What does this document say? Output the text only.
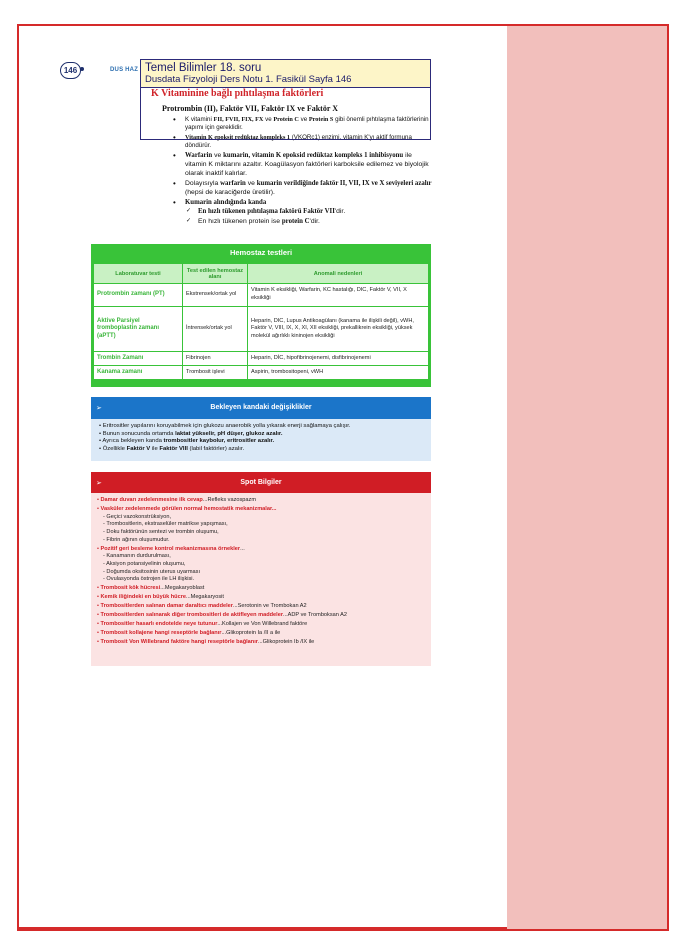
146	DUS HAZ
K Vitaminine bağlı pıhtılaşma faktörleri
Protrombin (II), Faktör VII, Faktör IX ve Faktör X
• K vitamini FII, FVII, FIX, FX ve Protein C ve Protein S gibi önemli pıhtılaşma faktörlerinin yapımı için gereklidir.
• Vitamin K epoksit redüktaz kompleks 1 (VKORc1) enzimi, vitamin K'yı aktif formuna döndürür.
• Warfarin ve kumarin, vitamin K epoksid redüktaz kompleks 1 inhibisyonu ile vitamin K miktarını azaltır. Koagülasyon faktörleri karboksile edilemez ve biyolojik olarak inaktif kalırlar.
• Dolayısıyla warfarin ve kumarin verildiğinde faktör II, VII, IX ve X seviyeleri azalır (hepsi de karaciğerde üretilir).
• Kumarin alındığında kanda
✓ En hızlı tükenen pıhtılaşma faktörü Faktör VII'dir.
✓ En hızlı tükenen protein ise protein C'dir.
Temel Bilimler 18. soru
Dusdata Fizyoloji Ders Notu 1. Fasikül Sayfa 146
Hemostaz testleri
Laboratuvar testi	Test edilen hemostaz alanı	Anomali nedenleri
Protrombin zamanı (PT)	Ekstrensek/ortak yol	Vitamin K eksikliği, Warfarin, KC hastalığı, DIC, Faktör V, VII, X eksikliği
Aktive Parsiyel tromboplastin zamanı (aPTT)	İntrensek/ortak yol	Heparin, DIC, Lupus Antikoagülanı (kanama ile ilişkili değil), vWH, Faktör V, VIII, IX, X, XI, XII eksikliği, prekallikrein eksikliği, yüksek molekül ağırlıklı kininojen eksikliği
Trombin Zamanı	Fibrinojen	Heparin, DİC, hipofibrinojenemi, disfibrinojenemi
Kanama zamanı	Trombosit işlevi	Aspirin, trombositopeni, vWH
➢	Bekleyen kandaki değişiklikler
• Eritrositler yapılarını koruyabilmek için glukozu anaerobik yolla yıkarak enerji sağlamaya çalışır.
• Bunun sonucunda ortamda laktat yükselir, pH düşer, glukoz azalır.
• Ayrıca bekleyen kanda trombositler kaybolur, eritrositler azalır.
• Özellikle Faktör V ile Faktör VIII (labil faktörler) azalır.
➢	Spot Bilgiler
• Damar duvarı zedelenmesine ilk cevap...Refleks vazospazm
• Vasküler zedelenmede görülen normal hemostatik mekanizmalar...
- Geçici vazokonstrüksiyon,
- Trombositlerin, ekstraselüler matrikse yapışması,
- Doku faktörünün sentezi ve trombin oluşumu,
- Fibrin ağının oluşumudur.
• Pozitif geri besleme kontrol mekanizmasına örnekler...
- Kanamanın durdurulması,
- Aksiyon potansiyelinin oluşumu,
- Doğumda oksitosinin uterus uyarması
- Ovulasyonda östrojen ile LH ilişkisi.
• Trombosit kök hücresi...Megakaryoblast
• Kemik iliğindeki en büyük hücre...Megakaryosit
• Trombositlerden salınan damar daraltıcı maddeler...Serotonin ve Trombokan A2
• Trombositlerden salınarak diğer trombositleri de aktifleyen maddeler...ADP ve Tromboksan A2
• Trombositler hasarlı endotelde neye tutunur...Kollajen ve Von Willebrand faktöre
• Trombosit kollajene hangi reseptörle bağlanır...Glikoprotein Ia /II a ile
• Trombosit Von Willebrand faktöre hangi reseptörle bağlanır...Glikoprotein Ib /IX ile
